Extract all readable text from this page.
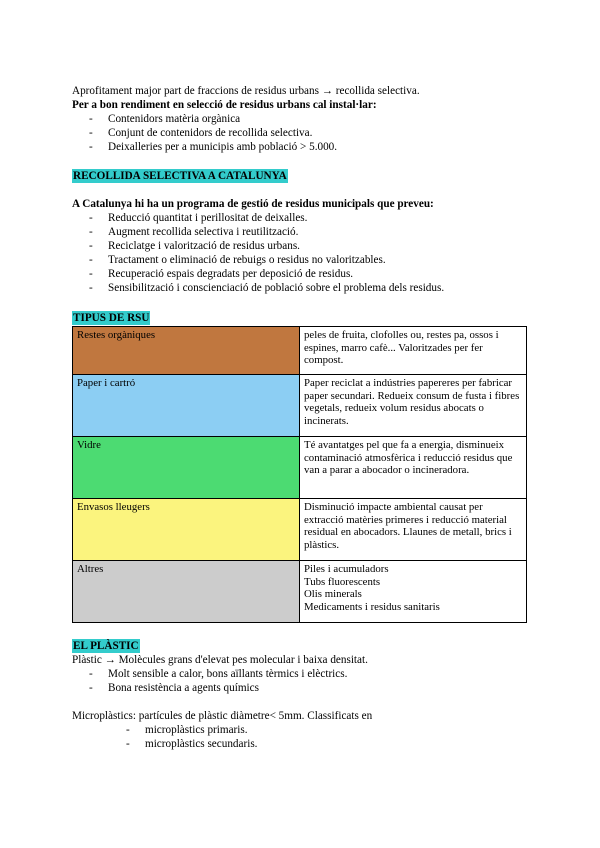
Aprofitament major part de fraccions de residus urbans → recollida selectiva.

Per a bon rendiment en selecció de residus urbans cal instal·lar:

- Contenidors matèria orgànica
- Conjunt de contenidors de recollida selectiva.
- Deixalleries per a municipis amb població > 5.000.
RECOLLIDA SELECTIVA A CATALUNYA

A Catalunya hi ha un programa de gestió de residus municipals que preveu:

- Reducció quantitat i perillositat de deixalles.
- Augment recollida selectiva i reutilització.
- Reciclatge i valorització de residus urbans.
- Tractament o eliminació de rebuigs o residus no valoritzables.
- Recuperació espais degradats per deposició de residus.
- Sensibilització i conscienciació de població sobre el problema dels residus.
TIPUS DE RSU
Restes orgàniques	peles de fruita, clofolles ou, restes pa, ossos i espines, marro cafè... Valoritzades per fer compost.
Paper i cartró	Paper reciclat a indústries papereres per fabricar paper secundari. Redueix consum de fusta i fibres vegetals, redueix volum residus abocats o incinerats.
Vidre	Té avantatges pel que fa a energia, disminueix contaminació atmosfèrica i reducció residus que van a parar a abocador o incineradora.
Envasos lleugers	Disminució impacte ambiental causat per extracció matèries primeres i reducció material residual en abocadors. Llaunes de metall, brics i plàstics.
Altres	Piles i acumuladors
Tubs fluorescents
Olis minerals
Medicaments i residus sanitaris
EL PLÀSTIC

Plàstic → Molècules grans d'elevat pes molecular i baixa densitat.

- Molt sensible a calor, bons aïllants tèrmics i elèctrics.
- Bona resistència a agents químics

Microplàstics: partícules de plàstic diàmetre< 5mm. Classificats en

- microplàstics primaris.
- microplàstics secundaris.
